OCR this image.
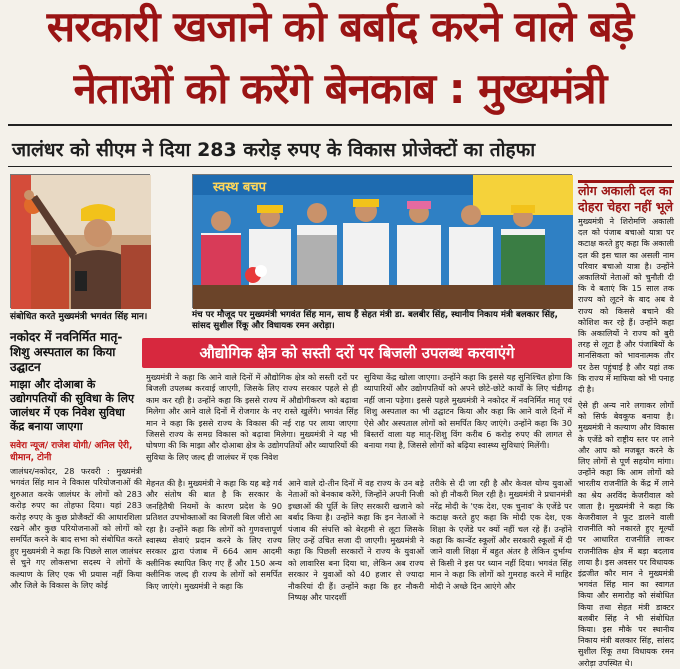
सरकारी खजाने को बर्बाद करने वाले बड़े
नेताओं को करेंगे बेनकाब : मुख्यमंत्री
जालंधर को सीएम ने दिया 283 करोड़ रुपए के विकास प्रोजेक्टों का तोहफा
संबोधित करते मुख्यमंत्री भगवंत सिंह मान।
स्वस्थ बचप
मंच पर मौजूद पर मुख्यमंत्री भगवंत सिंह मान, साथ हैं सेहत मंत्री डा. बलबीर सिंह, स्थानीय निकाय मंत्री बलकार सिंह, सांसद सुशील रिंकू और विधायक रमन अरोड़ा।
लोग अकाली दल का दोहरा चेहरा नहीं भूले
मुख्यमंत्री ने शिरोमणि अकाली दल को पंजाब बचाओ यात्रा पर कटाक्ष करते हुए कहा कि अकाली दल की इस चाल का असली नाम परिवार बचाओ यात्रा है। उन्होंने अकालियों नेताओं को चुनौती दी कि वे बताएं कि 15 साल तक राज्य को लूटने के बाद अब वे राज्य को किससे बचाने की कोशिश कर रहे हैं। उन्होंने कहा कि अकालियों ने राज्य को बुरी तरह से लूटा है और पंजाबियों के मानसिकता को भावनात्मक तौर पर ठेस पहुंचाई है और यहां तक कि राज्य में माफिया को भी पनाह दी है।
ऐसे ही अन्य नारे लगाकर लोगों को सिर्फ बेवकूफ बनाया है। मुख्यमंत्री ने कल्याण और विकास के एजेंडे को राष्ट्रीय स्तर पर लाने और आप को मजबूत करने के लिए लोगों से पूर्ण सहयोग मांगा। उन्होंने कहा कि आम लोगों को भारतीय राजनीति के केंद्र में लाने का श्रेय अरविंद केजरीवाल को जाता है। मुख्यमंत्री ने कहा कि केजरीवाल ने फूट डालने वाली राजनीति को नकारते हुए मूल्यों पर आधारित राजनीति लाकर राजनीतिक क्षेत्र में बड़ा बदलाव लाया है। इस अवसर पर विधायक इंद्रजीत कौर मान ने मुख्यमंत्री भगवंत सिंह मान का स्वागत किया और समारोह को संबोधित किया तथा सेहत मंत्री डाक्टर बलबीर सिंह ने भी संबोधित किया। इस मौके पर स्थानीय निकाय मंत्री बलकार सिंह, सांसद सुशील रिंकू तथा विधायक रमन अरोड़ा उपस्थित थे।
नकोदर में नवनिर्मित मातृ-शिशु अस्पताल का किया उद्घाटन
माझा और दोआबा के उद्योगपतियों की सुविधा के लिए जालंधर में एक निवेश सुविधा केंद्र बनाया जाएगा
सवेरा न्यूज/ राजेश योगी/ अनिल ऐरी, धीमान, टोनी
जालंधर/नकोदर, 28 फरवरी : मुख्यमंत्री भगवंत सिंह मान ने विकास परियोजनाओं की शुरुआत करके जालंधर के लोगों को 283 करोड़ रुपए का तोहफा दिया। यहां 283 करोड़ रुपए के कुछ प्रोजैक्टों की आधारशिला रखने और कुछ परियोजनाओं को लोगों को समर्पित करने के बाद सभा को संबोधित करते हुए मुख्यमंत्री ने कहा कि पिछले साल जालंधर से चुने गए लोकसभा सदस्य ने लोगों के कल्याण के लिए एक भी प्रयास नहीं किया और जिले के विकास के लिए कोई
औद्योगिक क्षेत्र को सस्ती दरों पर बिजली उपलब्ध करवाएंगे
मुख्यमंत्री ने कहा कि आने वाले दिनों में औद्योगिक क्षेत्र को सस्ती दरों पर बिजली उपलब्ध करवाई जाएगी, जिसके लिए राज्य सरकार पहले से ही काम कर रही है। उन्होंने कहा कि इससे राज्य में औद्योगीकरण को बढ़ावा मिलेगा और आने वाले दिनों में रोजगार के नए रास्ते खुलेंगे। भगवंत सिंह मान ने कहा कि इससे राज्य के विकास की नई राह पर लाया जाएगा जिससे राज्य के समग्र विकास को बढ़ावा मिलेगा। मुख्यमंत्री ने यह भी घोषणा की कि माझा और दोआबा क्षेत्र के उद्योगपतियों और व्यापारियों की सुविधा के लिए जल्द ही जालंधर में एक निवेश
सुविधा केंद्र खोला जाएगा। उन्होंने कहा कि इससे यह सुनिश्चित होगा कि व्यापारियों और उद्योगपतियों को अपने छोटे-छोटे कार्यों के लिए चंडीगढ़ नहीं जाना पड़ेगा। इससे पहले मुख्यमंत्री ने नकोदर में नवनिर्मित मातृ एवं शिशु अस्पताल का भी उद्घाटन किया और कहा कि आने वाले दिनों में ऐसे और अस्पताल लोगों को समर्पित किए जाएंगे। उन्होंने कहा कि 30 बिस्तरों वाला यह मातृ-शिशु विंग करीब 6 करोड़ रुपए की लागत से बनाया गया है, जिससे लोगों को बढ़िया स्वास्थ्य सुविधाएं मिलेंगी।
मेहनत की है। मुख्यमंत्री ने कहा कि यह बड़े गर्व और संतोष की बात है कि सरकार के जनहितैषी नियमों के कारण प्रदेश के 90 प्रतिशत उपभोक्ताओं का बिजली बिल जीरो आ रहा है। उन्होंने कहा कि लोगों को गुणवत्तापूर्ण स्वास्थ्य सेवाएं प्रदान करने के लिए राज्य सरकार द्वारा पंजाब में 664 आम आदमी क्लीनिक स्थापित किए गए हैं और 150 अन्य क्लीनिक जल्द ही राज्य के लोगों को समर्पित किए जाएंगे। मुख्यमंत्री ने कहा कि
आने वाले दो-तीन दिनों में वह राज्य के उन बड़े नेताओं को बेनकाब करेंगे, जिन्होंने अपनी निजी इच्छाओं की पूर्ति के लिए सरकारी खजाने को बर्बाद किया है। उन्होंने कहा कि इन नेताओं ने पंजाब की संपत्ति को बेरहमी से लूटा जिसके लिए उन्हें उचित सजा दी जाएगी। मुख्यमंत्री ने कहा कि पिछली सरकारों ने राज्य के युवाओं को लावारिस बना दिया था, लेकिन अब राज्य सरकार ने युवाओं को 40 हजार से ज्यादा नौकरियां दी हैं। उन्होंने कहा कि हर नौकरी निष्पक्ष और पारदर्शी
तरीके से दी जा रही है और केवल योग्य युवाओं को ही नौकरी मिल रही है। मुख्यमंत्री ने प्रधानमंत्री नरेंद्र मोदी के 'एक देश, एक चुनाव' के एजेंडे पर कटाक्ष करते हुए कहा कि मोदी एक देश, एक शिक्षा के एजेंडे पर क्यों नहीं चल रहे हैं। उन्होंने कहा कि कान्वेंट स्कूलों और सरकारी स्कूलों में दी जाने वाली शिक्षा में बहुत अंतर है लेकिन दुर्भाग्य से किसी ने इस पर ध्यान नहीं दिया। भगवंत सिंह मान ने कहा कि लोगों को गुमराह करने में माहिर मोदी ने अच्छे दिन आएंगे और
